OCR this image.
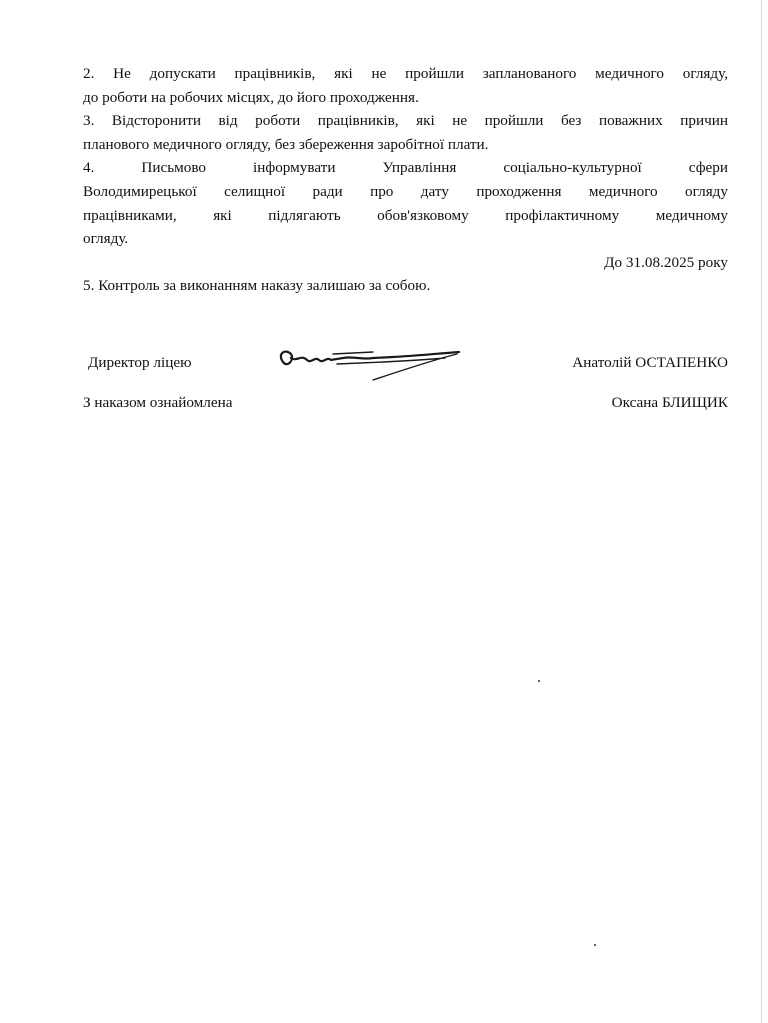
2. Не допускати працівників, які не пройшли запланованого медичного огляду,

до роботи на робочих місцях, до його проходження.

3. Відсторонити від роботи працівників, які не пройшли без поважних причин

планового медичного огляду, без збереження заробітної плати.

4. Письмово інформувати Управління соціально-культурної сфери

Володимирецької селищної ради про дату проходження медичного огляду

працівниками, які підлягають обов'язковому профілактичному медичному

огляду.

До 31.08.2025 року

5. Контроль за виконанням наказу залишаю за собою.

Директор ліцею	Анатолій ОСТАПЕНКО
З наказом ознайомлена	Оксана БЛИЩИК
